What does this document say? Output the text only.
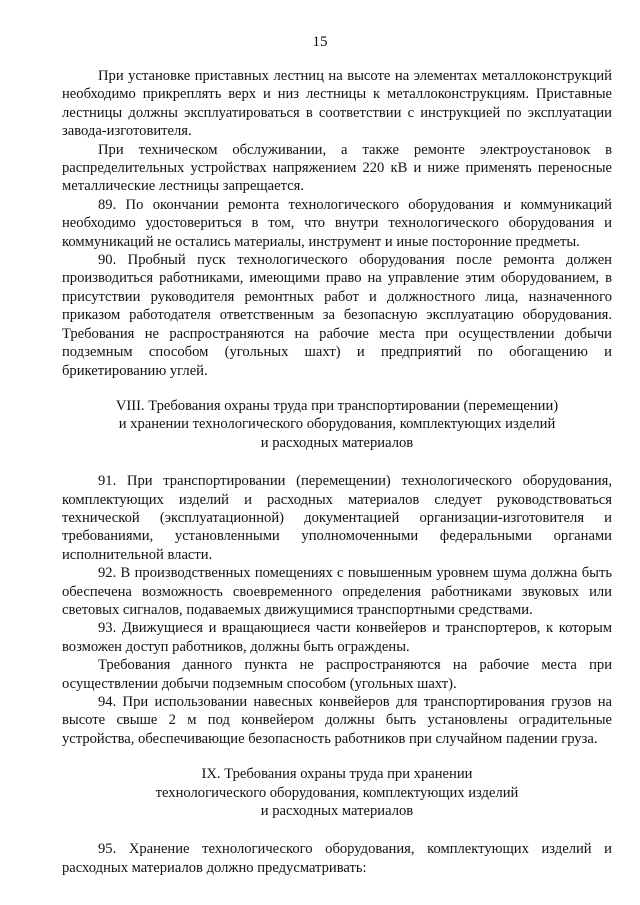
15

При установке приставных лестниц на высоте на элементах металлоконструкций необходимо прикреплять верх и низ лестницы к металлоконструкциям. Приставные лестницы должны эксплуатироваться в соответствии с инструкцией по эксплуатации завода-изготовителя.

При техническом обслуживании, а также ремонте электроустановок в распределительных устройствах напряжением 220 кВ и ниже применять переносные металлические лестницы запрещается.

89. По окончании ремонта технологического оборудования и коммуникаций необходимо удостовериться в том, что внутри технологического оборудования и коммуникаций не остались материалы, инструмент и иные посторонние предметы.

90. Пробный пуск технологического оборудования после ремонта должен производиться работниками, имеющими право на управление этим оборудованием, в присутствии руководителя ремонтных работ и должностного лица, назначенного приказом работодателя ответственным за безопасную эксплуатацию оборудования. Требования не распространяются на рабочие места при осуществлении добычи подземным способом (угольных шахт) и предприятий по обогащению и брикетированию углей.

VIII. Требования охраны труда при транспортировании (перемещении)
и хранении технологического оборудования, комплектующих изделий
и расходных материалов

91. При транспортировании (перемещении) технологического оборудования, комплектующих изделий и расходных материалов следует руководствоваться технической (эксплуатационной) документацией организации-изготовителя и требованиями, установленными уполномоченными федеральными органами исполнительной власти.

92. В производственных помещениях с повышенным уровнем шума должна быть обеспечена возможность своевременного определения работниками звуковых или световых сигналов, подаваемых движущимися транспортными средствами.

93. Движущиеся и вращающиеся части конвейеров и транспортеров, к которым возможен доступ работников, должны быть ограждены.

Требования данного пункта не распространяются на рабочие места при осуществлении добычи подземным способом (угольных шахт).

94. При использовании навесных конвейеров для транспортирования грузов на высоте свыше 2 м под конвейером должны быть установлены оградительные устройства, обеспечивающие безопасность работников при случайном падении груза.

IX. Требования охраны труда при хранении
технологического оборудования, комплектующих изделий
и расходных материалов

95. Хранение технологического оборудования, комплектующих изделий и расходных материалов должно предусматривать:
